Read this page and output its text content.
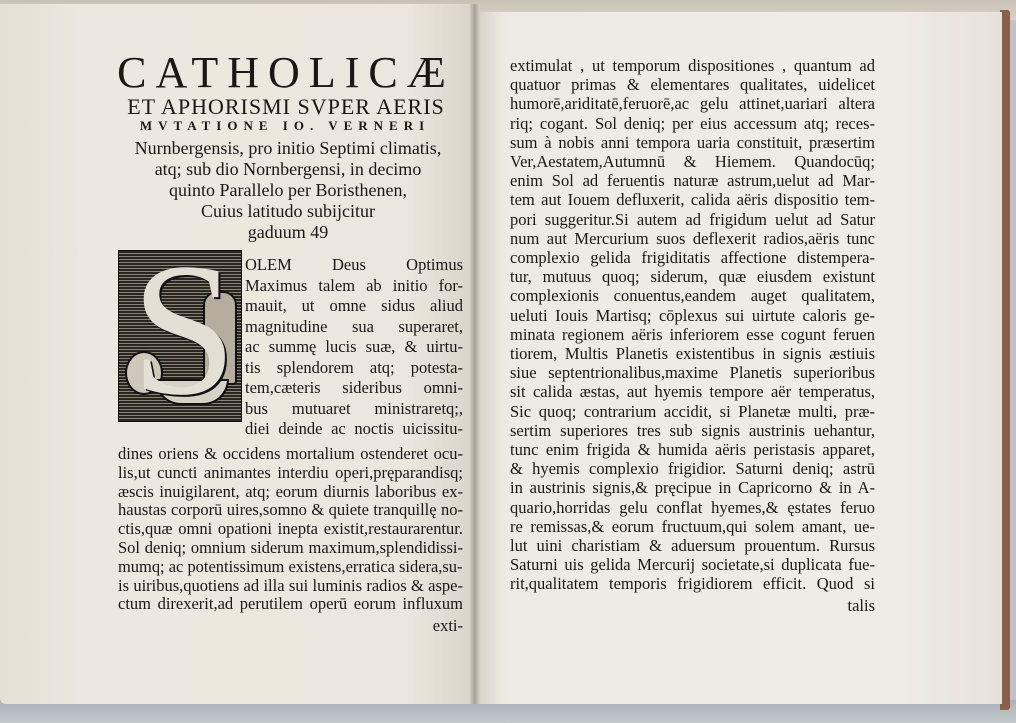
CATHOLICÆ
ET APHORISMI SVPER AERIS
MVTATIONE IO. VERNERI
Nurnbergensis, pro initio Septimi climatis,
atq; sub dio Nornbergensi, in decimo
quinto Parallelo per Boristhenen,
Cuius latitudo subijcitur
gaduum 49
S OLEM Deus Optimus
Maximus talem ab initio for-
mauit, ut omne sidus aliud
magnitudine sua superaret,
ac summę lucis suæ, & uirtu-
tis splendorem atq; potesta-
tem,cæteris sideribus omni-
bus mutuaret ministraretq;,
diei deinde ac noctis uicissitu-
dines oriens & occidens mortalium ostenderet ocu-
lis,ut cuncti animantes interdiu operi,pręparandisq;
æscis inuigilarent, atq; eorum diurnis laboribus ex-
haustas corporū uires,somno & quiete tranquillę no-
ctis,quæ omni opationi inepta existit,restaurarentur.
Sol deniq; omnium siderum maximum,splendidissi-
mumq; ac potentissimum existens,erratica sidera,su-
is uiribus,quotiens ad illa sui luminis radios & aspe-
ctum direxerit,ad perutilem operū eorum influxum
exti-
extimulat , ut temporum dispositiones , quantum ad
quatuor primas & elementares qualitates, uidelicet
humorē,ariditatē,feruorē,ac gelu attinet,uariari altera
riq; cogant. Sol deniq; per eius accessum atq; reces-
sum à nobis anni tempora uaria constituit, præsertim
Ver,Aestatem,Autumnū & Hiemem. Quandocūq;
enim Sol ad feruentis naturæ astrum,uelut ad Mar-
tem aut Iouem defluxerit, calida aëris dispositio tem-
pori suggeritur.Si autem ad frigidum uelut ad Satur
num aut Mercurium suos deflexerit radios,aëris tunc
complexio gelida frigiditatis affectione distempera-
tur, mutuus quoq; siderum, quæ eiusdem existunt
complexionis conuentus,eandem auget qualitatem,
ueluti Iouis Martisq; cōplexus sui uirtute caloris ge-
minata regionem aëris inferiorem esse cogunt feruen
tiorem, Multis Planetis existentibus in signis æstiuis
siue septentrionalibus,maxime Planetis superioribus
sit calida æstas, aut hyemis tempore aër temperatus,
Sic quoq; contrarium accidit, si Planetæ multi, præ-
sertim superiores tres sub signis austrinis uehantur,
tunc enim frigida & humida aëris peristasis apparet,
& hyemis complexio frigidior. Saturni deniq; astrū
in austrinis signis,& pręcipue in Capricorno & in A-
quario,horridas gelu conflat hyemes,& ęstates feruo
re remissas,& eorum fructuum,qui solem amant, ue-
lut uini charistiam & aduersum prouentum. Rursus
Saturni uis gelida Mercurij societate,si duplicata fue-
rit,qualitatem temporis frigidiorem efficit. Quod si
talis
